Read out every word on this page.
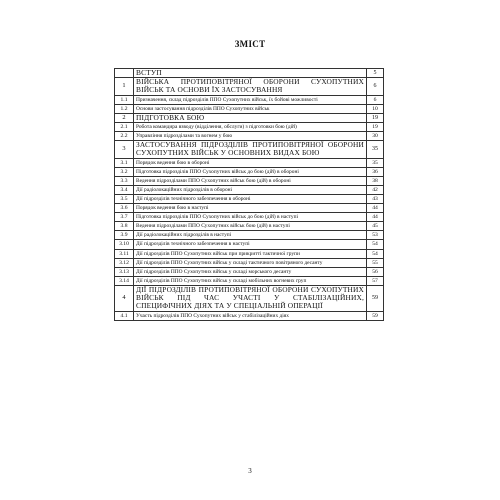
ЗМІСТ
	ВСТУП	5
1	ВІЙСЬКА ПРОТИПОВІТРЯНОЇ ОБОРОНИ СУХОПУТНИХ ВІЙСЬК ТА ОСНОВИ ЇХ ЗАСТОСУВАННЯ	6
1.1	Призначення, склад підрозділів ППО Сухопутних військ, їх бойові можливості	6
1.2	Основи застосування підрозділів ППО Сухопутних військ	10
2	ПІДГОТОВКА БОЮ	19
2.1	Робота командира взводу (відділення, обслуги) з підготовки бою (дій)	19
2.2	Управління підрозділами та вогнем у бою	30
3	ЗАСТОСУВАННЯ ПІДРОЗДІЛІВ ПРОТИПОВІТРЯНОЇ ОБОРОНИ СУХОПУТНИХ ВІЙСЬК У ОСНОВНИХ ВИДАХ БОЮ	35
3.1	Порядок ведення бою в обороні	35
3.2	Підготовка підрозділів ППО Сухопутних військ до бою (дій) в обороні	36
3.3	Ведення підрозділами ППО Сухопутних військ бою (дій) в обороні	38
3.4	Дії радіолокаційних підрозділів в обороні	42
3.5	Дії підрозділів технічного забезпечення в обороні	43
3.6	Порядок ведення бою в наступі	44
3.7	Підготовка підрозділів ППО Сухопутних військ до бою (дій) в наступі	44
3.8	Ведення підрозділами ППО Сухопутних військ бою (дій) в наступі	45
3.9	Дії радіолокаційних підрозділів в наступі	53
3.10	Дії підрозділів технічного забезпечення в наступі	54
3.11	Дії підрозділів ППО Сухопутних військ при прикритті тактичної групи	54
3.12	Дії підрозділів ППО Сухопутних військ у складі тактичного повітряного десанту	55
3.13	Дії підрозділів ППО Сухопутних військ у складі морського десанту	56
3.14	Дії підрозділів ППО Сухопутних військ у складі мобільних вогневих груп	57
4	ДІЇ ПІДРОЗДІЛІВ ПРОТИПОВІТРЯНОЇ ОБОРОНИ СУХОПУТНИХ ВІЙСЬК ПІД ЧАС УЧАСТІ У СТАБІЛІЗАЦІЙНИХ, СПЕЦИФІЧНИХ ДІЯХ ТА У СПЕЦІАЛЬНІЙ ОПЕРАЦІЇ	59
4.1	Участь підрозділів ППО Сухопутних військ у стабілізаційних діях	59
3
